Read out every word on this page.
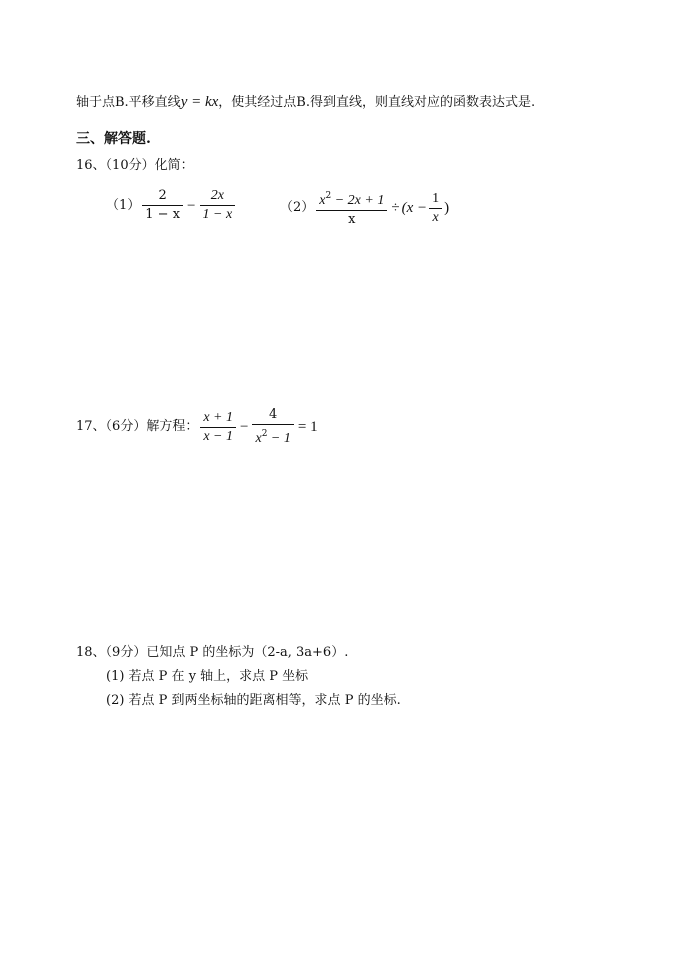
轴于点B.平移直线y = kx，使其经过点B.得到直线，则直线对应的函数表达式是.
三、解答题.
16、（10分）化简：
$(1) \frac{2}{1 - x} - \frac{2x}{1 - x}$	$(2) \frac{x^2 - 2x + 1}{x} \div (x - \frac{1}{x}$ )
17、（6分）解方程： $\frac{x + 1}{x - 1} - \frac{4}{x^2 - 1} = 1$
18、（9分）已知点 P 的坐标为（2-a, 3a+6）.
(1) 若点 P 在 y 轴上，求点 P 坐标
(2) 若点 P 到两坐标轴的距离相等，求点 P 的坐标.
